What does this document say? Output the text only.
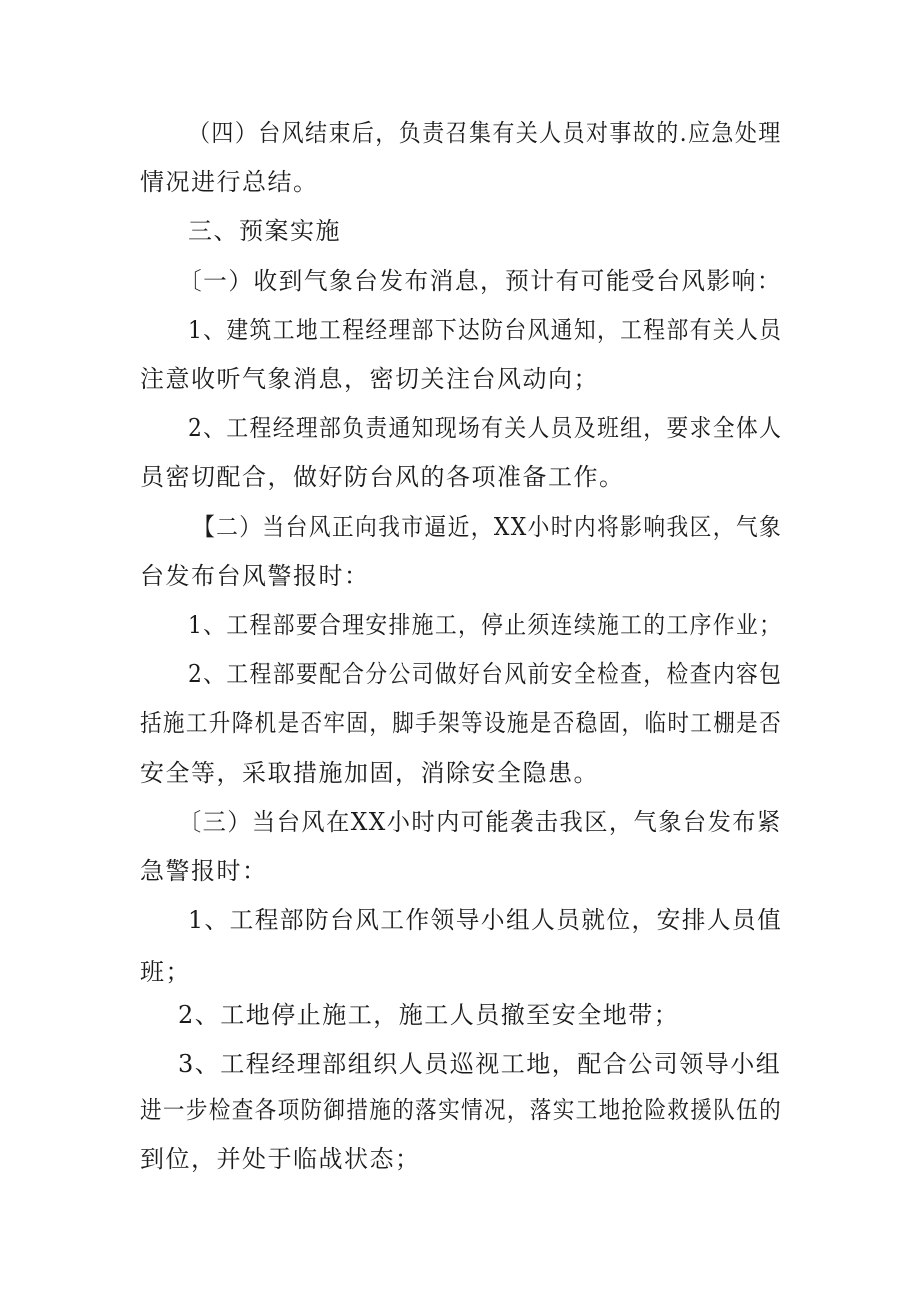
（四）台风结束后，负责召集有关人员对事故的.应急处理
情况进行总结。
三、预案实施
〔一）收到气象台发布消息，预计有可能受台风影响：
1、建筑工地工程经理部下达防台风通知，工程部有关人员
注意收听气象消息，密切关注台风动向；
2、工程经理部负责通知现场有关人员及班组，要求全体人
员密切配合，做好防台风的各项准备工作。
【二）当台风正向我市逼近，XX小时内将影响我区，气象
台发布台风警报时：
1、工程部要合理安排施工，停止须连续施工的工序作业；
2、工程部要配合分公司做好台风前安全检查，检查内容包
括施工升降机是否牢固，脚手架等设施是否稳固，临时工棚是否
安全等，采取措施加固，消除安全隐患。
〔三）当台风在XX小时内可能袭击我区，气象台发布紧
急警报时：
1、工程部防台风工作领导小组人员就位，安排人员值
班；
2、工地停止施工，施工人员撤至安全地带；
3、工程经理部组织人员巡视工地，配合公司领导小组
进一步检查各项防御措施的落实情况，落实工地抢险救援队伍的
到位，并处于临战状态；
